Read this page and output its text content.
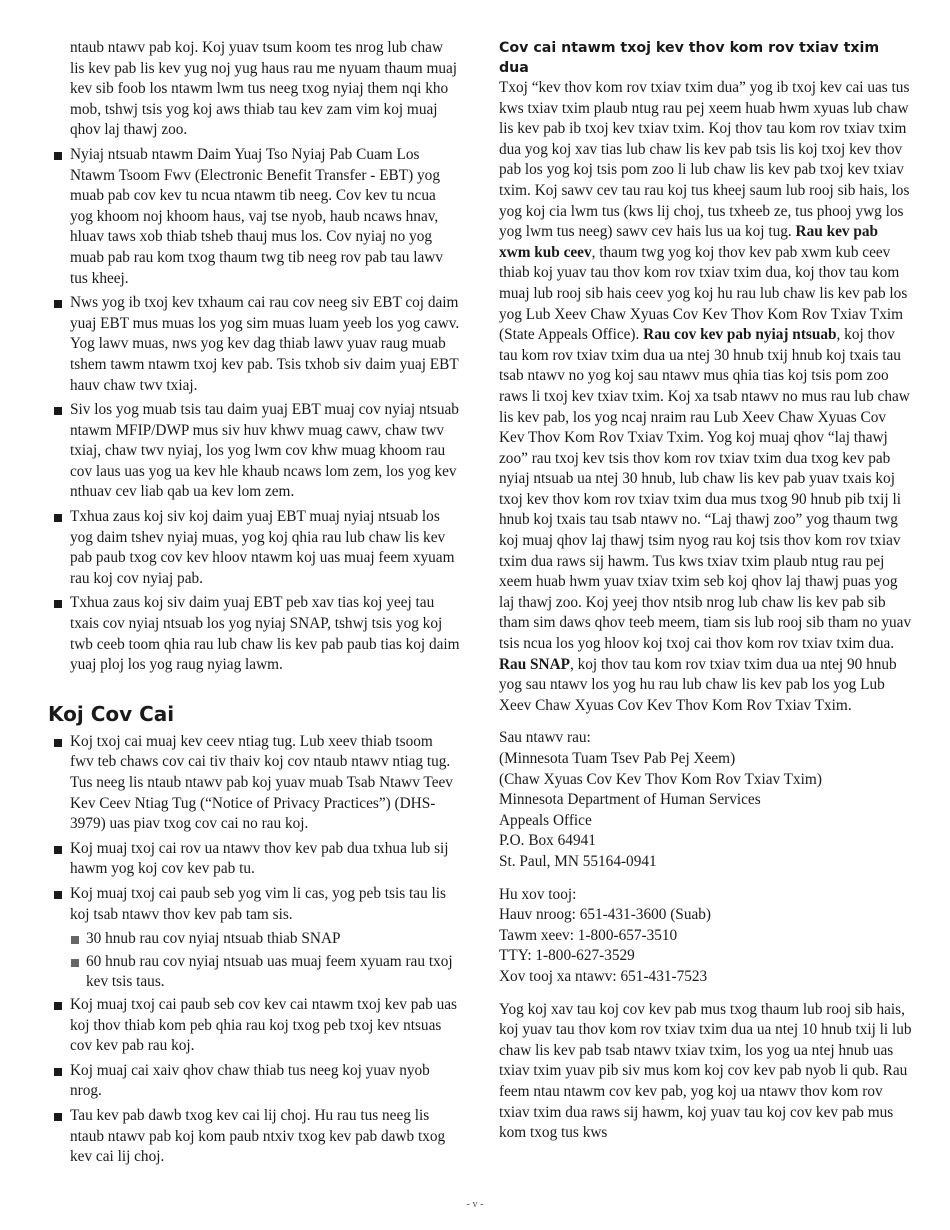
ntaub ntawv pab koj. Koj yuav tsum koom tes nrog lub chaw lis kev pab lis kev yug noj yug haus rau me nyuam thaum muaj kev sib foob los ntawm lwm tus neeg txog nyiaj them nqi kho mob, tshwj tsis yog koj aws thiab tau kev zam vim koj muaj qhov laj thawj zoo.

Nyiaj ntsuab ntawm Daim Yuaj Tso Nyiaj Pab Cuam Los Ntawm Tsoom Fwv (Electronic Benefit Transfer - EBT) yog muab pab cov kev tu ncua ntawm tib neeg. Cov kev tu ncua yog khoom noj khoom haus, vaj tse nyob, haub ncaws hnav, hluav taws xob thiab tsheb thauj mus los. Cov nyiaj no yog muab pab rau kom txog thaum twg tib neeg rov pab tau lawv tus kheej.
Nws yog ib txoj kev txhaum cai rau cov neeg siv EBT coj daim yuaj EBT mus muas los yog sim muas luam yeeb los yog cawv. Yog lawv muas, nws yog kev dag thiab lawv yuav raug muab tshem tawm ntawm txoj kev pab. Tsis txhob siv daim yuaj EBT hauv chaw twv txiaj.
Siv los yog muab tsis tau daim yuaj EBT muaj cov nyiaj ntsuab ntawm MFIP/DWP mus siv huv khwv muag cawv, chaw twv txiaj, chaw twv nyiaj, los yog lwm cov khw muag khoom rau cov laus uas yog ua kev hle khaub ncaws lom zem, los yog kev nthuav cev liab qab ua kev lom zem.
Txhua zaus koj siv koj daim yuaj EBT muaj nyiaj ntsuab los yog daim tshev nyiaj muas, yog koj qhia rau lub chaw lis kev pab paub txog cov kev hloov ntawm koj uas muaj feem xyuam rau koj cov nyiaj pab.
Txhua zaus koj siv daim yuaj EBT peb xav tias koj yeej tau txais cov nyiaj ntsuab los yog nyiaj SNAP, tshwj tsis yog koj twb ceeb toom qhia rau lub chaw lis kev pab paub tias koj daim yuaj ploj los yog raug nyiag lawm.
Koj Cov Cai
Koj txoj cai muaj kev ceev ntiag tug. Lub xeev thiab tsoom fwv teb chaws cov cai tiv thaiv koj cov ntaub ntawv ntiag tug. Tus neeg lis ntaub ntawv pab koj yuav muab Tsab Ntawv Teev Kev Ceev Ntiag Tug (“Notice of Privacy Practices”) (DHS-3979) uas piav txog cov cai no rau koj.
Koj muaj txoj cai rov ua ntawv thov kev pab dua txhua lub sij hawm yog koj cov kev pab tu.
Koj muaj txoj cai paub seb yog vim li cas, yog peb tsis tau lis koj tsab ntawv thov kev pab tam sis.
30 hnub rau cov nyiaj ntsuab thiab SNAP
60 hnub rau cov nyiaj ntsuab uas muaj feem xyuam rau txoj kev tsis taus.
Koj muaj txoj cai paub seb cov kev cai ntawm txoj kev pab uas koj thov thiab kom peb qhia rau koj txog peb txoj kev ntsuas cov kev pab rau koj.
Koj muaj cai xaiv qhov chaw thiab tus neeg koj yuav nyob nrog.
Tau kev pab dawb txog kev cai lij choj. Hu rau tus neeg lis ntaub ntawv pab koj kom paub ntxiv txog kev pab dawb txog kev cai lij choj.
Cov cai ntawm txoj kev thov kom rov txiav txim dua

Txoj “kev thov kom rov txiav txim dua” yog ib txoj kev cai uas tus kws txiav txim plaub ntug rau pej xeem huab hwm xyuas lub chaw lis kev pab ib txoj kev txiav txim. Koj thov tau kom rov txiav txim dua yog koj xav tias lub chaw lis kev pab tsis lis koj txoj kev thov pab los yog koj tsis pom zoo li lub chaw lis kev pab txoj kev txiav txim. Koj sawv cev tau rau koj tus kheej saum lub rooj sib hais, los yog koj cia lwm tus (kws lij choj, tus txheeb ze, tus phooj ywg los yog lwm tus neeg) sawv cev hais lus ua koj tug. Rau kev pab xwm kub ceev, thaum twg yog koj thov kev pab xwm kub ceev thiab koj yuav tau thov kom rov txiav txim dua, koj thov tau kom muaj lub rooj sib hais ceev yog koj hu rau lub chaw lis kev pab los yog Lub Xeev Chaw Xyuas Cov Kev Thov Kom Rov Txiav Txim (State Appeals Office). Rau cov kev pab nyiaj ntsuab, koj thov tau kom rov txiav txim dua ua ntej 30 hnub txij hnub koj txais tau tsab ntawv no yog koj sau ntawv mus qhia tias koj tsis pom zoo raws li txoj kev txiav txim. Koj xa tsab ntawv no mus rau lub chaw lis kev pab, los yog ncaj nraim rau Lub Xeev Chaw Xyuas Cov Kev Thov Kom Rov Txiav Txim. Yog koj muaj qhov “laj thawj zoo” rau txoj kev tsis thov kom rov txiav txim dua txog kev pab nyiaj ntsuab ua ntej 30 hnub, lub chaw lis kev pab yuav txais koj txoj kev thov kom rov txiav txim dua mus txog 90 hnub pib txij li hnub koj txais tau tsab ntawv no. “Laj thawj zoo” yog thaum twg koj muaj qhov laj thawj tsim nyog rau koj tsis thov kom rov txiav txim dua raws sij hawm. Tus kws txiav txim plaub ntug rau pej xeem huab hwm yuav txiav txim seb koj qhov laj thawj puas yog laj thawj zoo. Koj yeej thov ntsib nrog lub chaw lis kev pab sib tham sim daws qhov teeb meem, tiam sis lub rooj sib tham no yuav tsis ncua los yog hloov koj txoj cai thov kom rov txiav txim dua. Rau SNAP, koj thov tau kom rov txiav txim dua ua ntej 90 hnub yog sau ntawv los yog hu rau lub chaw lis kev pab los yog Lub Xeev Chaw Xyuas Cov Kev Thov Kom Rov Txiav Txim.

Sau ntawv rau:
(Minnesota Tuam Tsev Pab Pej Xeem)
(Chaw Xyuas Cov Kev Thov Kom Rov Txiav Txim)
Minnesota Department of Human Services
Appeals Office
P.O. Box 64941
St. Paul, MN 55164-0941
Hu xov tooj:
Hauv nroog: 651-431-3600 (Suab)
Tawm xeev: 1-800-657-3510
TTY: 1-800-627-3529
Xov tooj xa ntawv: 651-431-7523

Yog koj xav tau koj cov kev pab mus txog thaum lub rooj sib hais, koj yuav tau thov kom rov txiav txim dua ua ntej 10 hnub txij li lub chaw lis kev pab tsab ntawv txiav txim, los yog ua ntej hnub uas txiav txim yuav pib siv mus kom koj cov kev pab nyob li qub. Rau feem ntau ntawm cov kev pab, yog koj ua ntawv thov kom rov txiav txim dua raws sij hawm, koj yuav tau koj cov kev pab mus kom txog tus kws

- v -
